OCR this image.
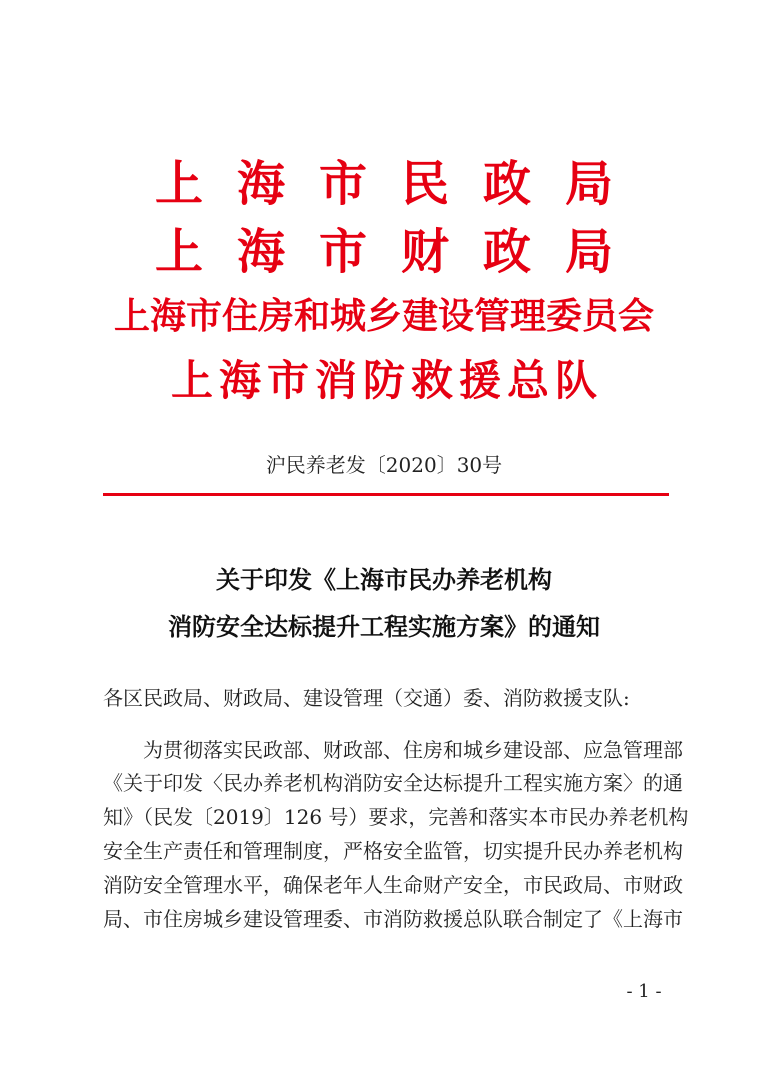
上海市民政局
上海市财政局
上海市住房和城乡建设管理委员会
上海市消防救援总队
沪民养老发〔2020〕30号
关于印发《上海市民办养老机构
消防安全达标提升工程实施方案》的通知
各区民政局、财政局、建设管理（交通）委、消防救援支队:
为贯彻落实民政部、财政部、住房和城乡建设部、应急管理部
《关于印发〈民办养老机构消防安全达标提升工程实施方案〉的通
知》（民发〔2019〕126 号）要求，完善和落实本市民办养老机构
安全生产责任和管理制度，严格安全监管，切实提升民办养老机构
消防安全管理水平，确保老年人生命财产安全，市民政局、市财政
局、市住房城乡建设管理委、市消防救援总队联合制定了《上海市
- 1 -
